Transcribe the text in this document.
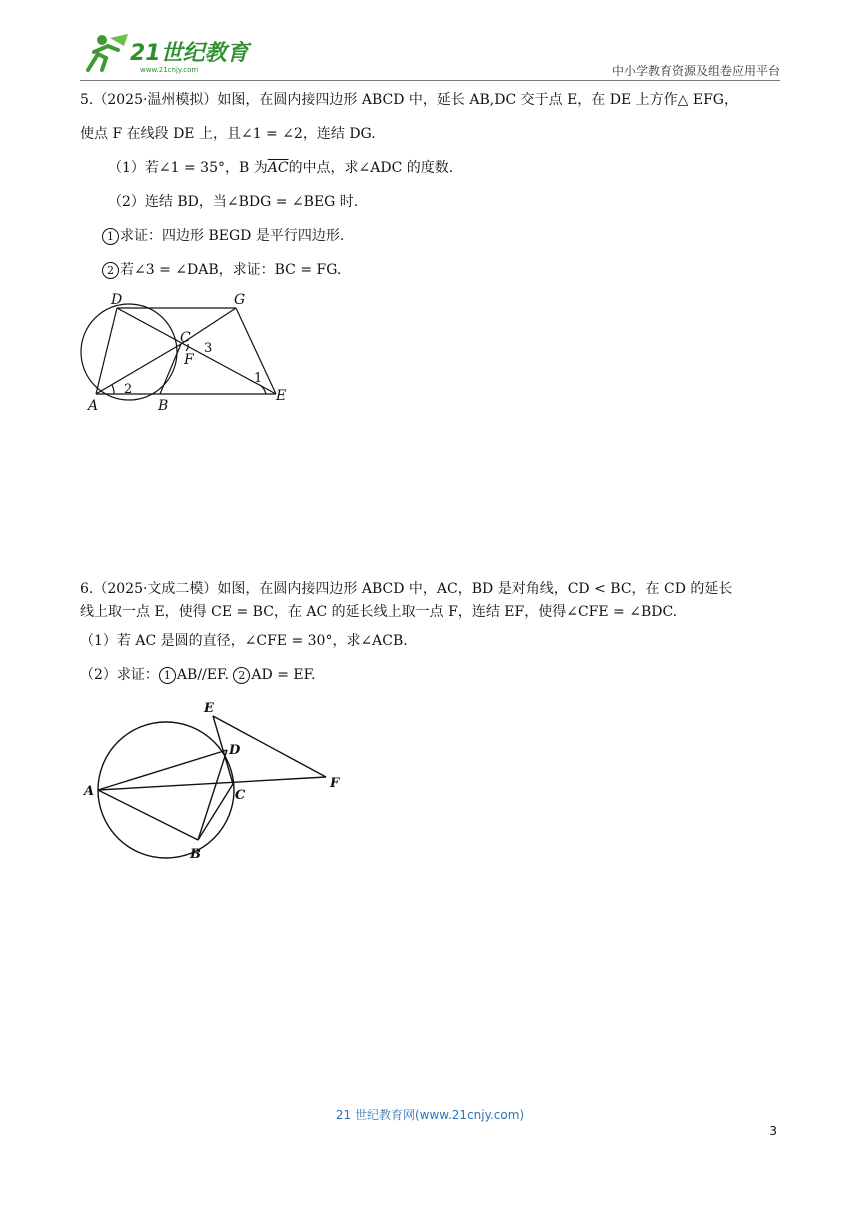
21世纪教育
www.21cnjy.com	中小学教育资源及组卷应用平台
5.（2025·温州模拟）如图，在圆内接四边形 ABCD 中，延长 AB,DC 交于点 E，在 DE 上方作△ EFG，
使点 F 在线段 DE 上，且∠1 = ∠2，连结 DG.
（1）若∠1 = 35°，B 为$\overline{AC}$的中点，求∠ADC 的度数.
（2）连结 BD，当∠BDG = ∠BEG 时.
1 求证：四边形 BEGD 是平行四边形.
2 若∠3 = ∠DAB，求证：BC = FG.
D	G
C
F
A	B
E
1
2
3
6.（2025·文成二模）如图，在圆内接四边形 ABCD 中，AC，BD 是对角线，CD < BC，在 CD 的延长
线上取一点 E，使得 CE = BC，在 AC 的延长线上取一点 F，连结 EF，使得∠CFE = ∠BDC.
（1）若 AC 是圆的直径，∠CFE = 30°，求∠ACB.
（2）求证： 1 AB//EF. 2 AD = EF.
E
D
A	C
F
B
21 世纪教育网(www.21cnjy.com)
3
